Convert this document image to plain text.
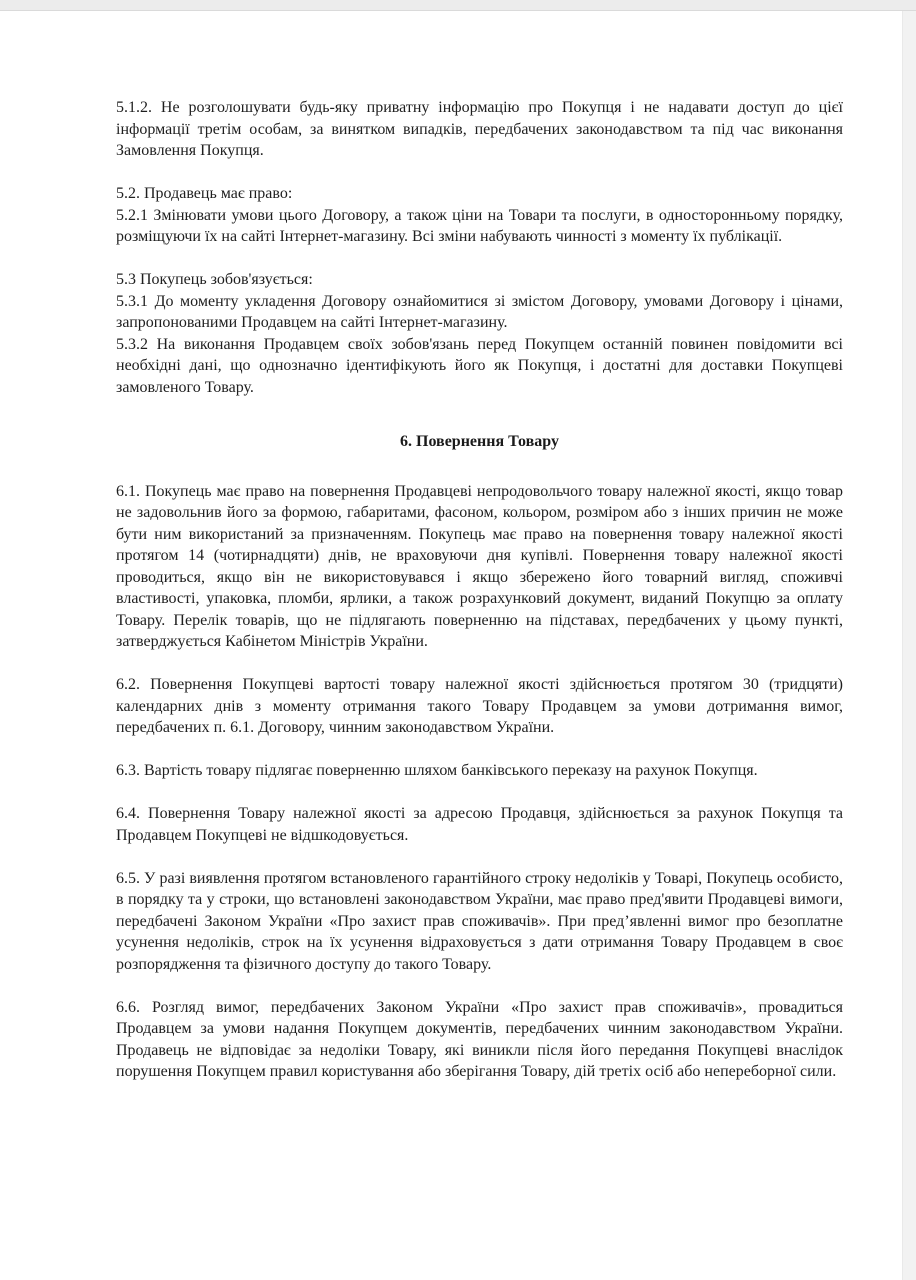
5.1.2. Не розголошувати будь-яку приватну інформацію про Покупця і не надавати доступ до цієї інформації третім особам, за винятком випадків, передбачених законодавством та під час виконання Замовлення Покупця.

5.2. Продавець має право:

5.2.1 Змінювати умови цього Договору, а також ціни на Товари та послуги, в односторонньому порядку, розміщуючи їх на сайті Інтернет-магазину. Всі зміни набувають чинності з моменту їх публікації.

5.3 Покупець зобов'язується:

5.3.1 До моменту укладення Договору ознайомитися зі змістом Договору, умовами Договору і цінами, запропонованими Продавцем на сайті Інтернет-магазину.

5.3.2 На виконання Продавцем своїх зобов'язань перед Покупцем останній повинен повідомити всі необхідні дані, що однозначно ідентифікують його як Покупця, і достатні для доставки Покупцеві замовленого Товару.

6. Повернення Товару

6.1. Покупець має право на повернення Продавцеві непродовольчого товару належної якості, якщо товар не задовольнив його за формою, габаритами, фасоном, кольором, розміром або з інших причин не може бути ним використаний за призначенням. Покупець має право на повернення товару належної якості протягом 14 (чотирнадцяти) днів, не враховуючи дня купівлі. Повернення товару належної якості проводиться, якщо він не використовувався і якщо збережено його товарний вигляд, споживчі властивості, упаковка, пломби, ярлики, а також розрахунковий документ, виданий Покупцю за оплату Товару. Перелік товарів, що не підлягають поверненню на підставах, передбачених у цьому пункті, затверджується Кабінетом Міністрів України.

6.2. Повернення Покупцеві вартості товару належної якості здійснюється протягом 30 (тридцяти) календарних днів з моменту отримання такого Товару Продавцем за умови дотримання вимог, передбачених п. 6.1. Договору, чинним законодавством України.

6.3. Вартість товару підлягає поверненню шляхом банківського переказу на рахунок Покупця.

6.4. Повернення Товару належної якості за адресою Продавця, здійснюється за рахунок Покупця та Продавцем Покупцеві не відшкодовується.

6.5. У разі виявлення протягом встановленого гарантійного строку недоліків у Товарі, Покупець особисто, в порядку та у строки, що встановлені законодавством України, має право пред'явити Продавцеві вимоги, передбачені Законом України «Про захист прав споживачів». При пред’явленні вимог про безоплатне усунення недоліків, строк на їх усунення відраховується з дати отримання Товару Продавцем в своє розпорядження та фізичного доступу до такого Товару.

6.6. Розгляд вимог, передбачених Законом України «Про захист прав споживачів», провадиться Продавцем за умови надання Покупцем документів, передбачених чинним законодавством України. Продавець не відповідає за недоліки Товару, які виникли після його передання Покупцеві внаслідок порушення Покупцем правил користування або зберігання Товару, дій третіх осіб або непереборної сили.
